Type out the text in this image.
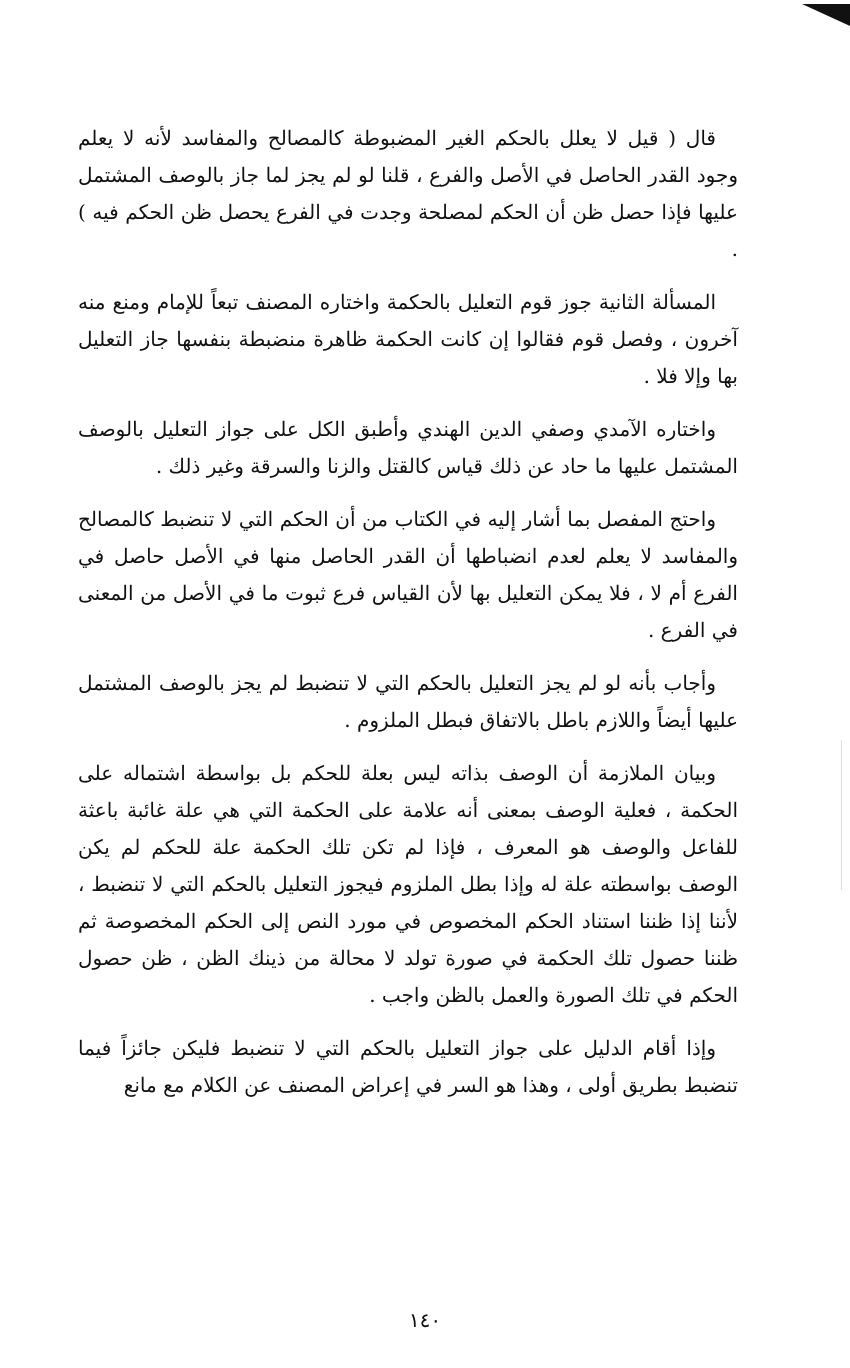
قال ( قيل لا يعلل بالحكم الغير المضبوطة كالمصالح والمفاسد لأنه لا يعلم وجود القدر الحاصل في الأصل والفرع ، قلنا لو لم يجز لما جاز بالوصف المشتمل عليها فإذا حصل ظن أن الحكم لمصلحة وجدت في الفرع يحصل ظن الحكم فيه ) .

المسألة الثانية جوز قوم التعليل بالحكمة واختاره المصنف تبعاً للإمام ومنع منه آخرون ، وفصل قوم فقالوا إن كانت الحكمة ظاهرة منضبطة بنفسها جاز التعليل بها وإلا فلا .

واختاره الآمدي وصفي الدين الهندي وأطبق الكل على جواز التعليل بالوصف المشتمل عليها ما حاد عن ذلك قياس كالقتل والزنا والسرقة وغير ذلك .

واحتج المفصل بما أشار إليه في الكتاب من أن الحكم التي لا تنضبط كالمصالح والمفاسد لا يعلم لعدم انضباطها أن القدر الحاصل منها في الأصل حاصل في الفرع أم لا ، فلا يمكن التعليل بها لأن القياس فرع ثبوت ما في الأصل من المعنى في الفرع .

وأجاب بأنه لو لم يجز التعليل بالحكم التي لا تنضبط لم يجز بالوصف المشتمل عليها أيضاً واللازم باطل بالاتفاق فبطل الملزوم .

وبيان الملازمة أن الوصف بذاته ليس بعلة للحكم بل بواسطة اشتماله على الحكمة ، فعلية الوصف بمعنى أنه علامة على الحكمة التي هي علة غائبة باعثة للفاعل والوصف هو المعرف ، فإذا لم تكن تلك الحكمة علة للحكم لم يكن الوصف بواسطته علة له وإذا بطل الملزوم فيجوز التعليل بالحكم التي لا تنضبط ، لأننا إذا ظننا استناد الحكم المخصوص في مورد النص إلى الحكم المخصوصة ثم ظننا حصول تلك الحكمة في صورة تولد لا محالة من ذينك الظن ، ظن حصول الحكم في تلك الصورة والعمل بالظن واجب .

وإذا أقام الدليل على جواز التعليل بالحكم التي لا تنضبط فليكن جائزاً فيما تنضبط بطريق أولى ، وهذا هو السر في إعراض المصنف عن الكلام مع مانع

١٤٠
